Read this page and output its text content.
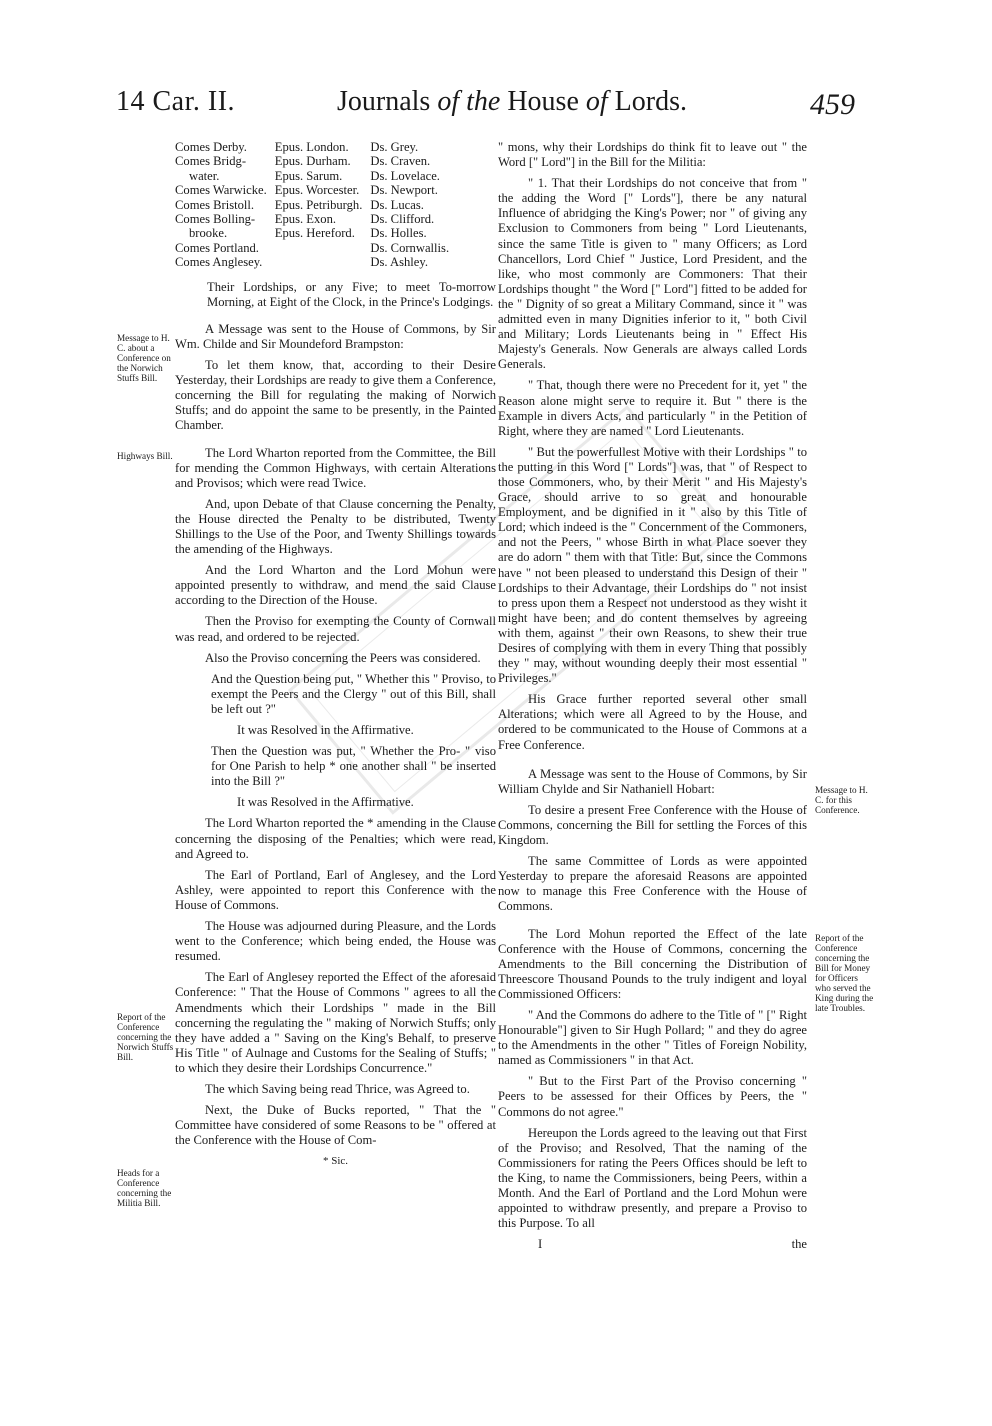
14 Car. II.	Journals of the House of Lords.	459
Message to H. C. about a Conference on the Norwich Stuffs Bill.
Highways Bill.
Report of the Conference concerning the Norwich Stuffs Bill.
Heads for a Conference concerning the Militia Bill.
Message to H. C. for this Conference.
Report of the Conference concerning the Bill for Money for Officers who served the King during the late Troubles.
Comes Derby.	Epus. London.	Ds. Grey.
Comes Bridg-	Epus. Durham.	Ds. Craven.
water.	Epus. Sarum.	Ds. Lovelace.
Comes Warwicke.	Epus. Worcester.	Ds. Newport.
Comes Bristoll.	Epus. Petriburgh.	Ds. Lucas.
Comes Bolling-	Epus. Exon.	Ds. Clifford.
brooke.	Epus. Hereford.	Ds. Holles.
Comes Portland.		Ds. Cornwallis.
Comes Anglesey.		Ds. Ashley.

Their Lordships, or any Five; to meet To-morrow Morning, at Eight of the Clock, in the Prince's Lodgings.

A Message was sent to the House of Commons, by Sir Wm. Childe and Sir Moundeford Brampston:

To let them know, that, according to their Desire Yesterday, their Lordships are ready to give them a Conference, concerning the Bill for regulating the making of Norwich Stuffs; and do appoint the same to be presently, in the Painted Chamber.

The Lord Wharton reported from the Committee, the Bill for mending the Common Highways, with certain Alterations and Provisos; which were read Twice.

And, upon Debate of that Clause concerning the Penalty, the House directed the Penalty to be distributed, Twenty Shillings to the Use of the Poor, and Twenty Shillings towards the amending of the Highways.

And the Lord Wharton and the Lord Mohun were appointed presently to withdraw, and mend the said Clause according to the Direction of the House.

Then the Proviso for exempting the County of Cornwall was read, and ordered to be rejected.

Also the Proviso concerning the Peers was considered.

And the Question being put, " Whether this " Proviso, to exempt the Peers and the Clergy " out of this Bill, shall be left out ?"

It was Resolved in the Affirmative.

Then the Question was put, " Whether the Pro- " viso for One Parish to help * one another shall " be inserted into the Bill ?"

It was Resolved in the Affirmative.

The Lord Wharton reported the * amending in the Clause concerning the disposing of the Penalties; which were read, and Agreed to.

The Earl of Portland, Earl of Anglesey, and the Lord Ashley, were appointed to report this Conference with the House of Commons.

The House was adjourned during Pleasure, and the Lords went to the Conference; which being ended, the House was resumed.

The Earl of Anglesey reported the Effect of the aforesaid Conference: " That the House of Commons " agrees to all the Amendments which their Lordships " made in the Bill concerning the regulating the " making of Norwich Stuffs; only they have added a " Saving on the King's Behalf, to preserve His Title " of Aulnage and Customs for the Sealing of Stuffs; " to which they desire their Lordships Concurrence."

The which Saving being read Thrice, was Agreed to.

Next, the Duke of Bucks reported, " That the " Committee have considered of some Reasons to be " offered at the Conference with the House of Com-

* Sic.

" mons, why their Lordships do think fit to leave out " the Word [" Lord"] in the Bill for the Militia:

" 1. That their Lordships do not conceive that from " the adding the Word [" Lords"], there be any natural Influence of abridging the King's Power; nor " of giving any Exclusion to Commoners from being " Lord Lieutenants, since the same Title is given to " many Officers; as Lord Chancellors, Lord Chief " Justice, Lord President, and the like, who most commonly are Commoners: That their Lordships thought " the Word [" Lord"] fitted to be added for the " Dignity of so great a Military Command, since it " was admitted even in many Dignities inferior to it, " both Civil and Military; Lords Lieutenants being in " Effect His Majesty's Generals. Now Generals are always called Lords Generals.

" That, though there were no Precedent for it, yet " the Reason alone might serve to require it. But " there is the Example in divers Acts, and particularly " in the Petition of Right, where they are named " Lord Lieutenants.

" But the powerfullest Motive with their Lordships " to the putting in this Word [" Lords"] was, that " of Respect to those Commoners, who, by their Merit " and His Majesty's Grace, should arrive to so great and honourable Employment, and be dignified in it " also by this Title of Lord; which indeed is the " Concernment of the Commoners, and not the Peers, " whose Birth in what Place soever they are do adorn " them with that Title: But, since the Commons have " not been pleased to understand this Design of their " Lordships to their Advantage, their Lordships do " not insist to press upon them a Respect not understood as they wisht it might have been; and do content themselves by agreeing with them, against " their own Reasons, to shew their true Desires of complying with them in every Thing that possibly they " may, without wounding deeply their most essential " Privileges."

His Grace further reported several other small Alterations; which were all Agreed to by the House, and ordered to be communicated to the House of Commons at a Free Conference.

A Message was sent to the House of Commons, by Sir William Chylde and Sir Nathaniell Hobart:

To desire a present Free Conference with the House of Commons, concerning the Bill for settling the Forces of this Kingdom.

The same Committee of Lords as were appointed Yesterday to prepare the aforesaid Reasons are appointed now to manage this Free Conference with the House of Commons.

The Lord Mohun reported the Effect of the late Conference with the House of Commons, concerning the Amendments to the Bill concerning the Distribution of Threescore Thousand Pounds to the truly indigent and loyal Commissioned Officers:

" And the Commons do adhere to the Title of " [" Right Honourable"] given to Sir Hugh Pollard; " and they do agree to the Amendments in the other " Titles of Foreign Nobility, named as Commissioners " in that Act.

" But to the First Part of the Proviso concerning " Peers to be assessed for their Offices by Peers, the " Commons do not agree."

Hereupon the Lords agreed to the leaving out that First of the Proviso; and Resolved, That the naming of the Commissioners for rating the Peers Offices should be left to the King, to name the Commissioners, being Peers, within a Month. And the Earl of Portland and the Lord Mohun were appointed to withdraw presently, and prepare a Proviso to this Purpose. To all

I	the
